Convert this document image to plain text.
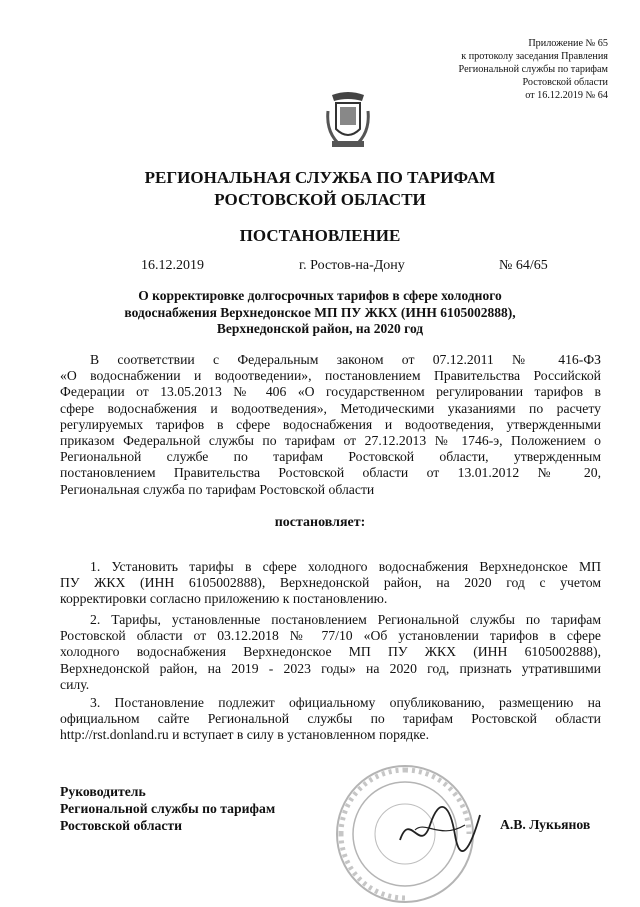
Приложение № 65
к протоколу заседания Правления
Региональной службы по тарифам
Ростовской области
от 16.12.2019 № 64
РЕГИОНАЛЬНАЯ СЛУЖБА ПО ТАРИФАМ
РОСТОВСКОЙ ОБЛАСТИ
ПОСТАНОВЛЕНИЕ
16.12.2019	г. Ростов-на-Дону	№ 64/65
О корректировке долгосрочных тарифов в сфере холодного
водоснабжения Верхнедонское МП ПУ ЖКХ (ИНН 6105002888),
Верхнедонской район, на 2020 год
В соответствии с Федеральным законом от 07.12.2011 № 416-ФЗ
«О водоснабжении и водоотведении», постановлением Правительства Российской
Федерации от 13.05.2013 № 406 «О государственном регулировании тарифов в
сфере водоснабжения и водоотведения», Методическими указаниями по расчету
регулируемых тарифов в сфере водоснабжения и водоотведения, утвержденными
приказом Федеральной службы по тарифам от 27.12.2013 № 1746-э, Положением о
Региональной службе по тарифам Ростовской области, утвержденным
постановлением Правительства Ростовской области от 13.01.2012 № 20,
Региональная служба по тарифам Ростовской области
постановляет:
1. Установить тарифы в сфере холодного водоснабжения Верхнедонское МП
ПУ ЖКХ (ИНН 6105002888), Верхнедонской район, на 2020 год с учетом
корректировки согласно приложению к постановлению.
2. Тарифы, установленные постановлением Региональной службы по тарифам
Ростовской области от 03.12.2018 № 77/10 «Об установлении тарифов в сфере
холодного водоснабжения Верхнедонское МП ПУ ЖКХ (ИНН 6105002888),
Верхнедонской район, на 2019 - 2023 годы» на 2020 год, признать утратившими
силу.
3. Постановление подлежит официальному опубликованию, размещению на
официальном сайте Региональной службы по тарифам Ростовской области
http://rst.donland.ru и вступает в силу в установленном порядке.
Руководитель
Региональной службы по тарифам
Ростовской области	А.В. Лукьянов
